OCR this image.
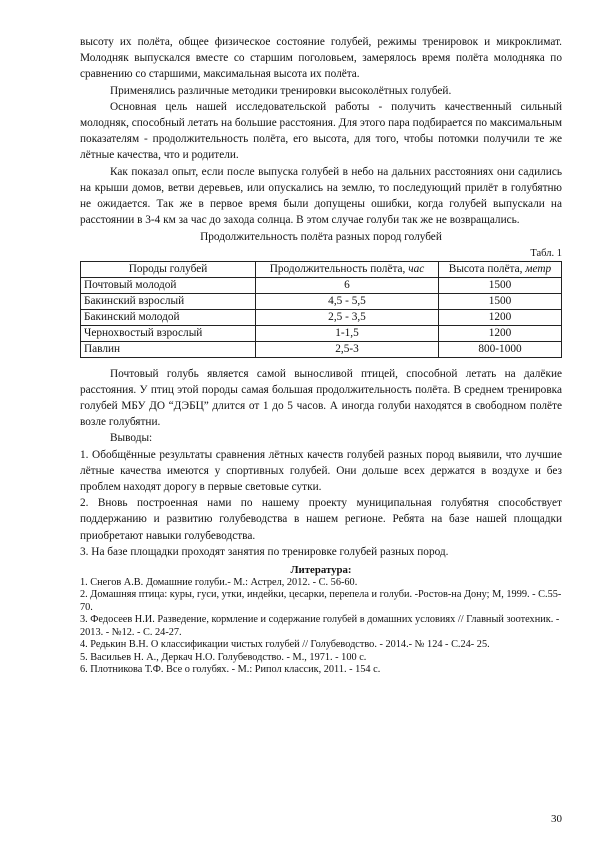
высоту их полёта, общее физическое состояние голубей, режимы тренировок и микроклимат. Молодняк выпускался вместе со старшим поголовьем, замерялось время полёта молодняка по сравнению со старшими, максимальная высота их полёта.

Применялись различные методики тренировки высоколётных голубей.

Основная цель нашей исследовательской работы - получить качественный сильный молодняк, способный летать на большие расстояния. Для этого пара подбирается по максимальным показателям - продолжительность полёта, его высота, для того, чтобы потомки получили те же лётные качества, что и родители.

Как показал опыт, если после выпуска голубей в небо на дальних расстояниях они садились на крыши домов, ветви деревьев, или опускались на землю, то последующий прилёт в голубятню не ожидается. Так же в первое время были допущены ошибки, когда голубей выпускали на расстоянии в 3-4 км за час до захода солнца. В этом случае голуби так же не возвращались.

Продолжительность полёта разных пород голубей

Табл. 1

Породы голубей	Продолжительность полёта, час	Высота полёта, метр
Почтовый молодой	6	1500
Бакинский взрослый	4,5 - 5,5	1500
Бакинский молодой	2,5 - 3,5	1200
Чернохвостый взрослый	1-1,5	1200
Павлин	2,5-3	800-1000

Почтовый голубь является самой выносливой птицей, способной летать на далёкие расстояния. У птиц этой породы самая большая продолжительность полёта. В среднем тренировка голубей МБУ ДО “ДЭБЦ” длится от 1 до 5 часов. А иногда голуби находятся в свободном полёте возле голубятни.

Выводы:

1. Обобщённые результаты сравнения лётных качеств голубей разных пород выявили, что лучшие лётные качества имеются у спортивных голубей. Они дольше всех держатся в воздухе и без проблем находят дорогу в первые световые сутки.

2. Вновь построенная нами по нашему проекту муниципальная голубятня способствует поддержанию и развитию голубеводства в нашем регионе. Ребята на базе нашей площадки приобретают навыки голубеводства.

3. На базе площадки проходят занятия по тренировке голубей разных пород.

Литература:
1. Снегов А.В. Домашние голуби.- М.: Астрел, 2012. - С. 56-60.
2. Домашняя птица: куры, гуси, утки, индейки, цесарки, перепела и голуби. -Ростов-на Дону; М, 1999. - С.55-70.
3. Федосеев Н.И. Разведение, кормление и содержание голубей в домашних условиях // Главный зоотехник. - 2013. - №12. - С. 24-27.
4. Редькин В.Н. О классификации чистых голубей // Голубеводство. - 2014.- № 124 - С.24- 25.
5. Васильев Н. А., Деркач Н.О. Голубеводство. - М., 1971. - 100 с.
6. Плотникова Т.Ф. Все о голубях. - М.: Рипол классик, 2011. - 154 с.
30
